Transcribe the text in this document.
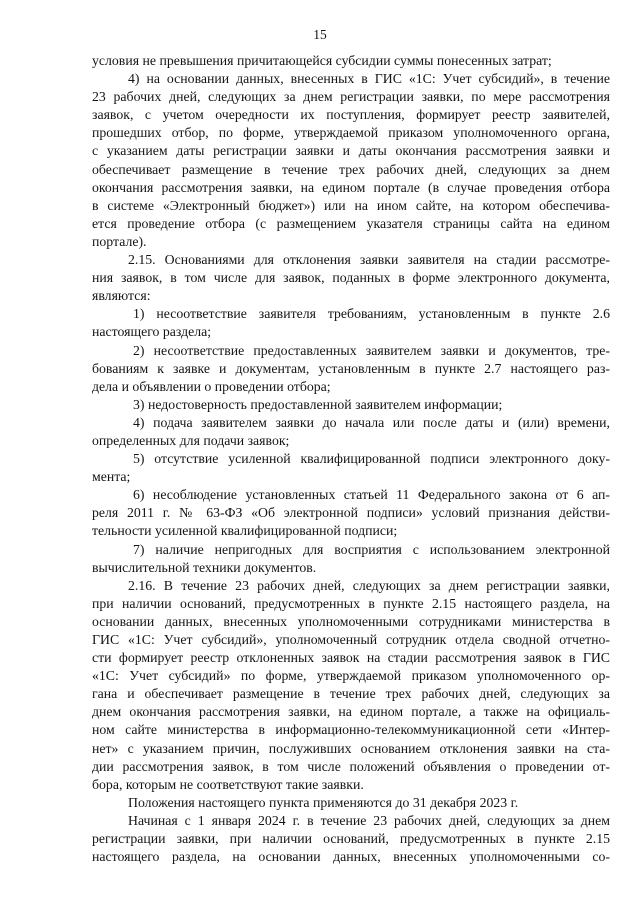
15
условия не превышения причитающейся субсидии суммы понесенных затрат;
4) на основании данных, внесенных в ГИС «1С: Учет субсидий», в течение
23 рабочих дней, следующих за днем регистрации заявки, по мере рассмотрения
заявок, с учетом очередности их поступления, формирует реестр заявителей,
прошедших отбор, по форме, утверждаемой приказом уполномоченного органа,
с указанием даты регистрации заявки и даты окончания рассмотрения заявки и
обеспечивает размещение в течение трех рабочих дней, следующих за днем
окончания рассмотрения заявки, на едином портале (в случае проведения отбора
в системе «Электронный бюджет») или на ином сайте, на котором обеспечива-
ется проведение отбора (с размещением указателя страницы сайта на едином
портале).
2.15. Основаниями для отклонения заявки заявителя на стадии рассмотре-
ния заявок, в том числе для заявок, поданных в форме электронного документа,
являются:
1) несоответствие заявителя требованиям, установленным в пункте 2.6
настоящего раздела;
2) несоответствие предоставленных заявителем заявки и документов, тре-
бованиям к заявке и документам, установленным в пункте 2.7 настоящего раз-
дела и объявлении о проведении отбора;
3) недостоверность предоставленной заявителем информации;
4) подача заявителем заявки до начала или после даты и (или) времени,
определенных для подачи заявок;
5) отсутствие усиленной квалифицированной подписи электронного доку-
мента;
6) несоблюдение установленных статьей 11 Федерального закона от 6 ап-
реля 2011 г. № 63-ФЗ «Об электронной подписи» условий признания действи-
тельности усиленной квалифицированной подписи;
7) наличие непригодных для восприятия с использованием электронной
вычислительной техники документов.
2.16. В течение 23 рабочих дней, следующих за днем регистрации заявки,
при наличии оснований, предусмотренных в пункте 2.15 настоящего раздела, на
основании данных, внесенных уполномоченными сотрудниками министерства в
ГИС «1С: Учет субсидий», уполномоченный сотрудник отдела сводной отчетно-
сти формирует реестр отклоненных заявок на стадии рассмотрения заявок в ГИС
«1С: Учет субсидий» по форме, утверждаемой приказом уполномоченного ор-
гана и обеспечивает размещение в течение трех рабочих дней, следующих за
днем окончания рассмотрения заявки, на едином портале, а также на официаль-
ном сайте министерства в информационно-телекоммуникационной сети «Интер-
нет» с указанием причин, послуживших основанием отклонения заявки на ста-
дии рассмотрения заявок, в том числе положений объявления о проведении от-
бора, которым не соответствуют такие заявки.
Положения настоящего пункта применяются до 31 декабря 2023 г.
Начиная с 1 января 2024 г. в течение 23 рабочих дней, следующих за днем
регистрации заявки, при наличии оснований, предусмотренных в пункте 2.15
настоящего раздела, на основании данных, внесенных уполномоченными со-
